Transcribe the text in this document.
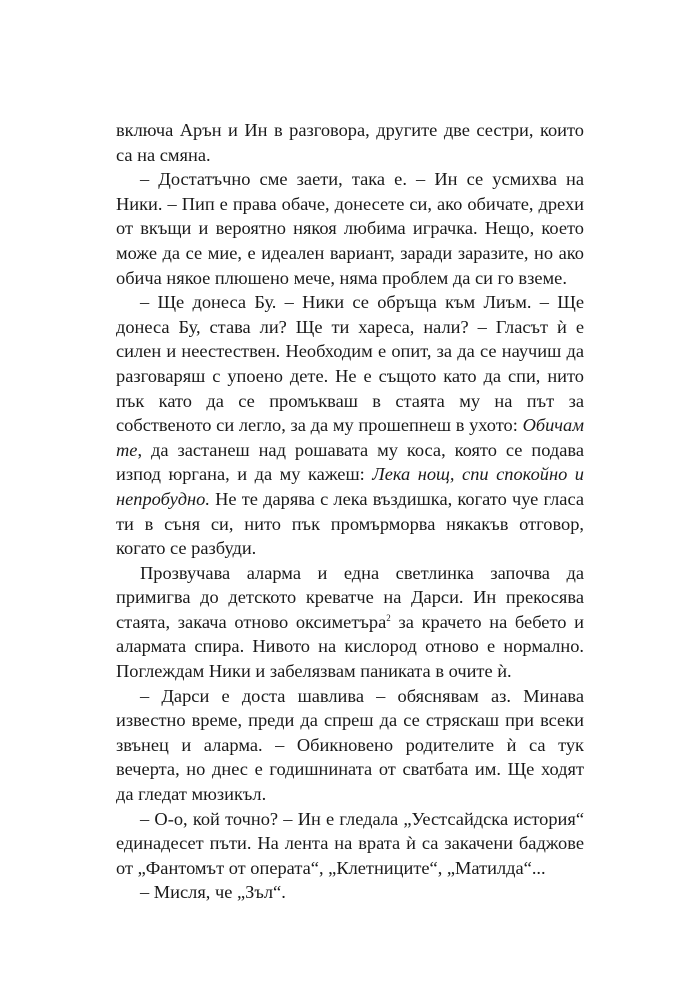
включа Арън и Ин в разговора, другите две сестри, които са на смяна.

– Достатъчно сме заети, така е. – Ин се усмихва на Ники. – Пип е права обаче, донесете си, ако обичате, дрехи от вкъщи и вероятно някоя любима играчка. Нещо, което може да се мие, е идеален вариант, заради заразите, но ако обича някое плюшено мече, няма проблем да си го вземе.

– Ще донеса Бу. – Ники се обръща към Лиъм. – Ще донеса Бу, става ли? Ще ти хареса, нали? – Гласът ѝ е силен и неестествен. Необходим е опит, за да се научиш да разговаряш с упоено дете. Не е същото като да спи, нито пък като да се промъкваш в стаята му на път за собственото си легло, за да му прошепнеш в ухото: Обичам те, да застанеш над рошавата му коса, която се подава изпод юргана, и да му кажеш: Лека нощ, спи спокойно и непробудно. Не те дарява с лека въздишка, когато чуе гласа ти в съня си, нито пък промърморва някакъв отговор, когато се разбуди.

Прозвучава аларма и една светлинка започва да примигва до детското креватче на Дарси. Ин прекосява стаята, закача отново оксиметъра$^2$ за крачето на бебето и алармата спира. Нивото на кислород отново е нормално. Поглеждам Ники и забелязвам паниката в очите ѝ.

– Дарси е доста шавлива – обяснявам аз. Минава известно време, преди да спреш да се стряскаш при всеки звънец и аларма. – Обикновено родителите ѝ са тук вечерта, но днес е годишнината от сватбата им. Ще ходят да гледат мюзикъл.

– О-о, кой точно? – Ин е гледала „Уестсайдска история“ единадесет пъти. На лента на врата ѝ са закачени баджове от „Фантомът от операта“, „Клетниците“, „Матилда“...

– Мисля, че „Зъл“.
